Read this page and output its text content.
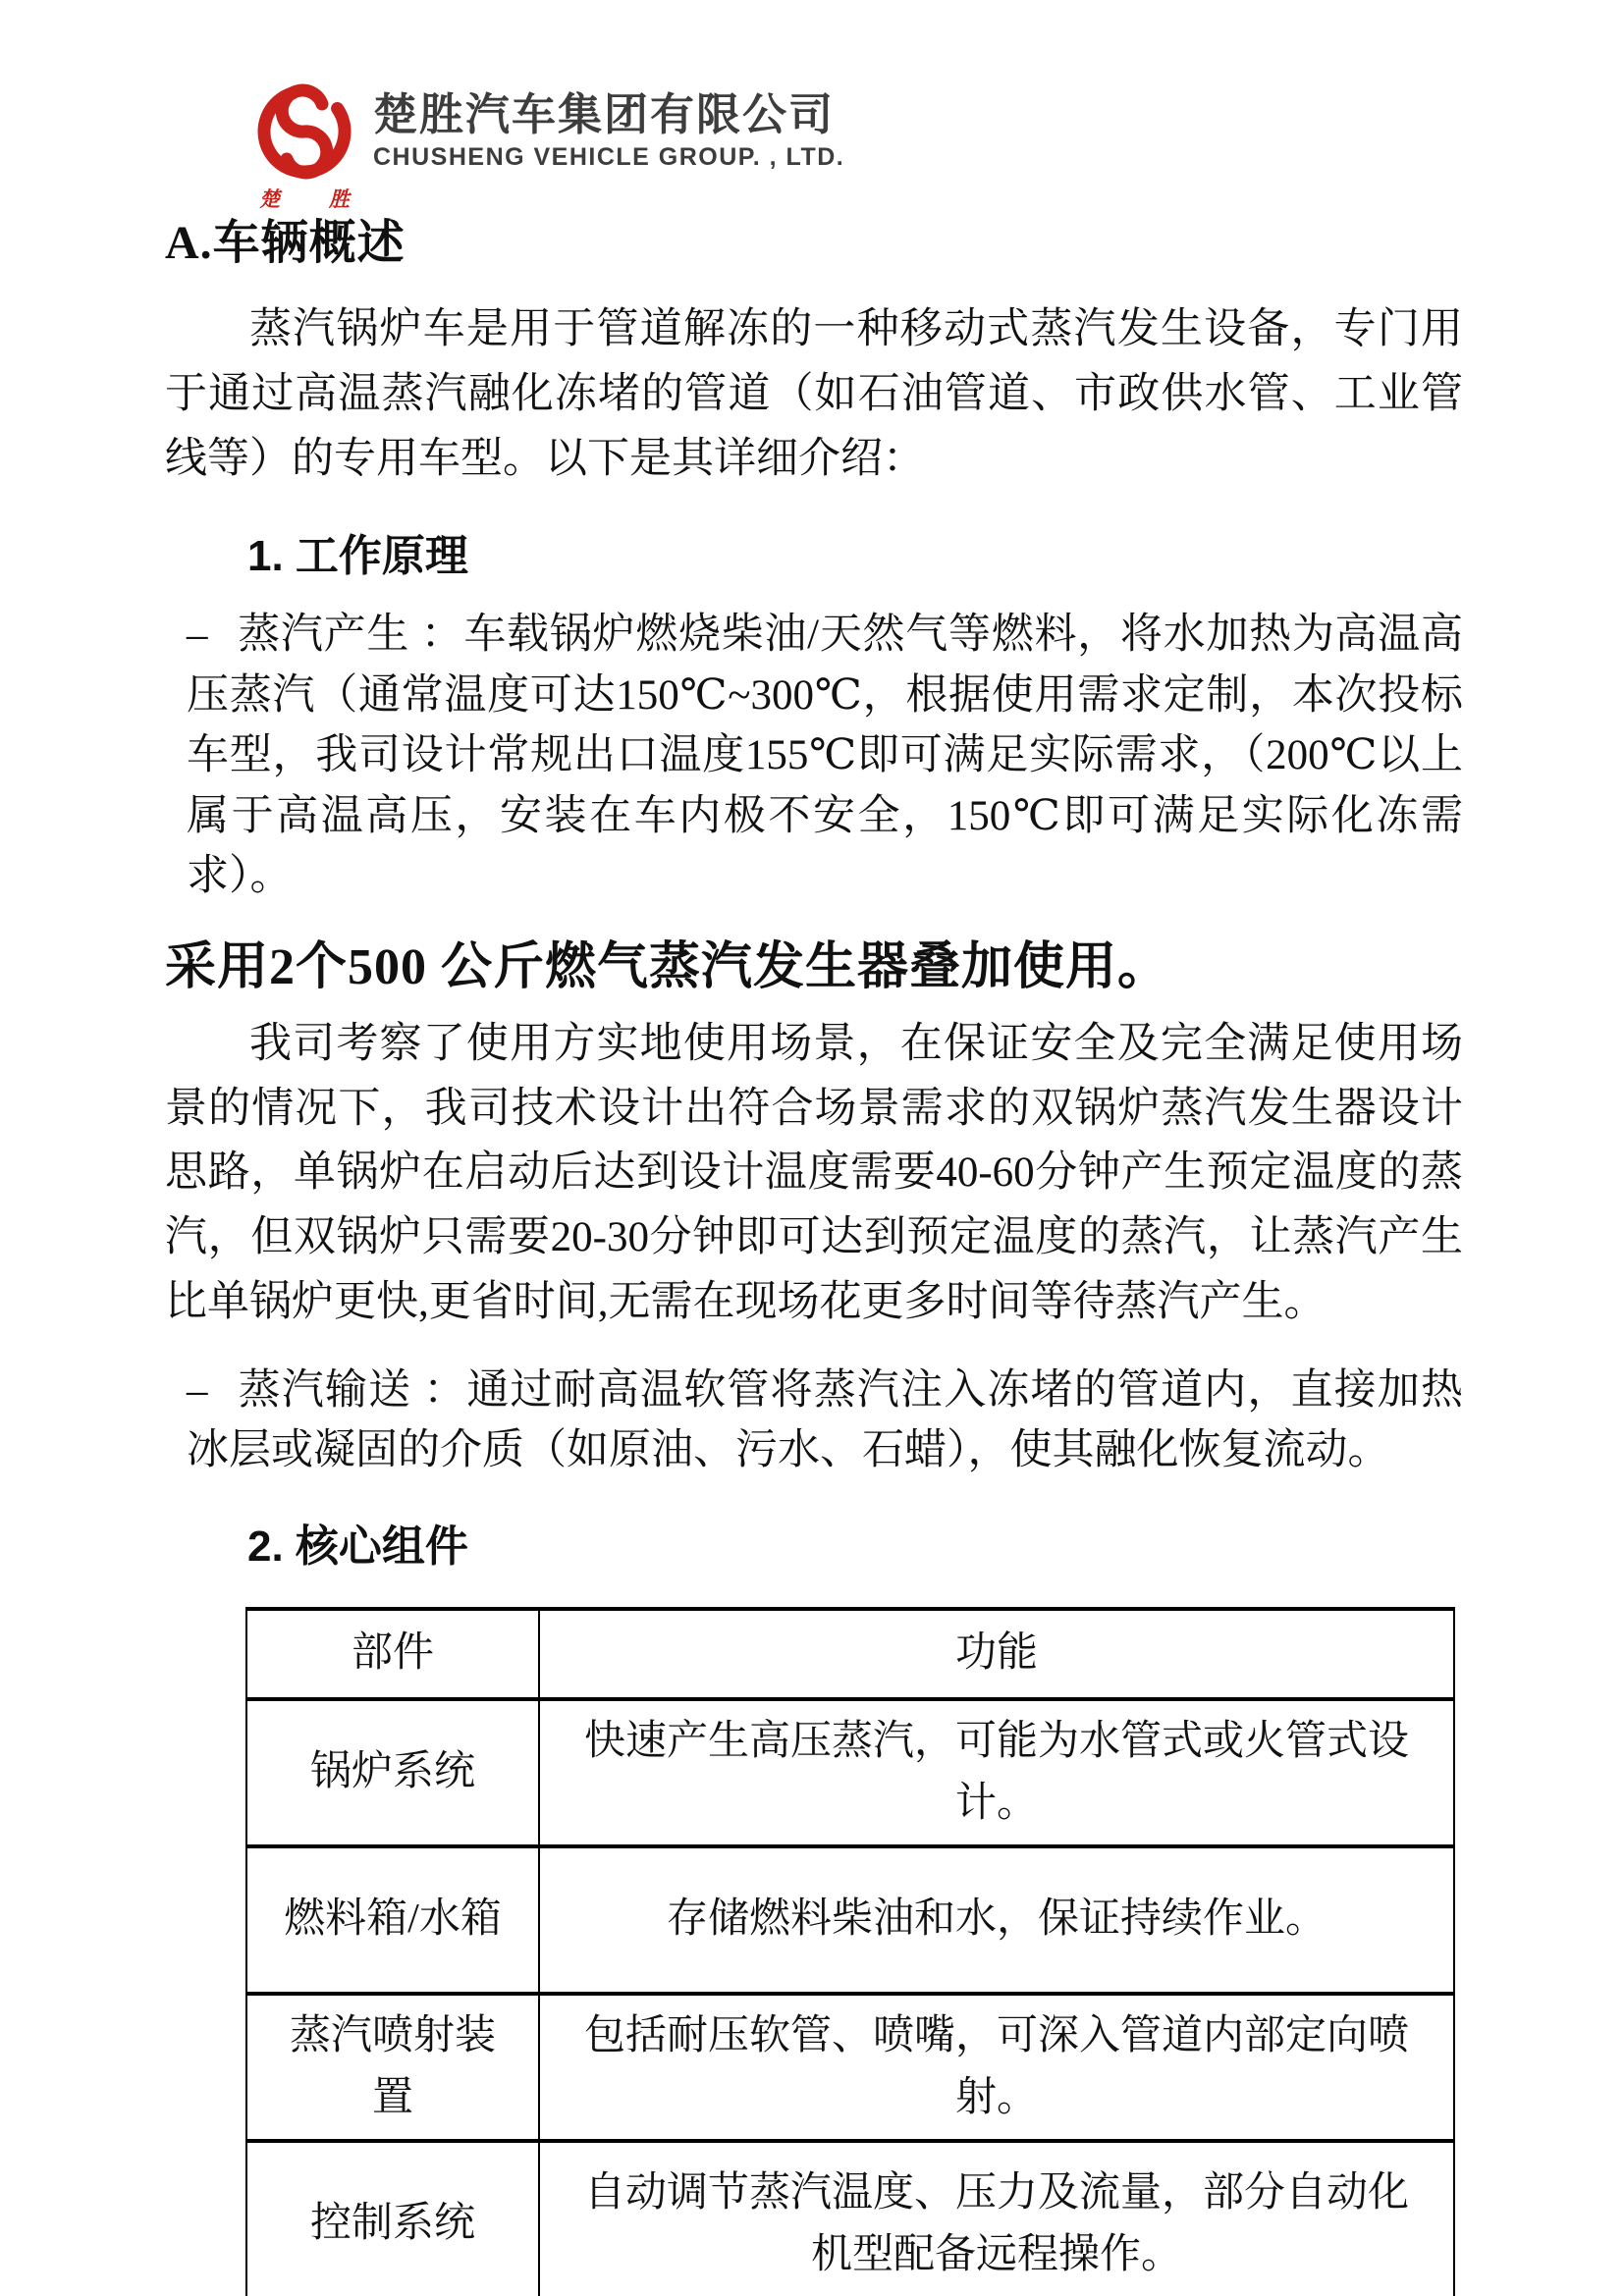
楚 胜
楚胜汽车集团有限公司
CHUSHENG VEHICLE GROUP. , LTD.
A.车辆概述

蒸汽锅炉车是用于管道解冻的一种移动式蒸汽发生设备，专门用于通过高温蒸汽融化冻堵的管道（如石油管道、市政供水管、工业管线等）的专用车型。以下是其详细介绍：

1. 工作原理
– 蒸汽产生 ：车载锅炉燃烧柴油/天然气等燃料，将水加热为高温高压蒸汽（通常温度可达150℃~300℃，根据使用需求定制，本次投标车型，我司设计常规出口温度155℃即可满足实际需求，（200℃以上属于高温高压，安装在车内极不安全，150℃即可满足实际化冻需求）。
采用2个500 公斤燃气蒸汽发生器叠加使用。

我司考察了使用方实地使用场景，在保证安全及完全满足使用场景的情况下，我司技术设计出符合场景需求的双锅炉蒸汽发生器设计思路，单锅炉在启动后达到设计温度需要40-60分钟产生预定温度的蒸汽，但双锅炉只需要20-30分钟即可达到预定温度的蒸汽，让蒸汽产生比单锅炉更快,更省时间,无需在现场花更多时间等待蒸汽产生。

– 蒸汽输送 ：通过耐高温软管将蒸汽注入冻堵的管道内，直接加热冰层或凝固的介质（如原油、污水、石蜡），使其融化恢复流动。
2. 核心组件
部件	功能
锅炉系统	快速产生高压蒸汽，可能为水管式或火管式设计。
燃料箱/水箱	存储燃料柴油和水，保证持续作业。
蒸汽喷射装置	包括耐压软管、喷嘴，可深入管道内部定向喷射。
控制系统	自动调节蒸汽温度、压力及流量，部分自动化机型配备远程操作。
